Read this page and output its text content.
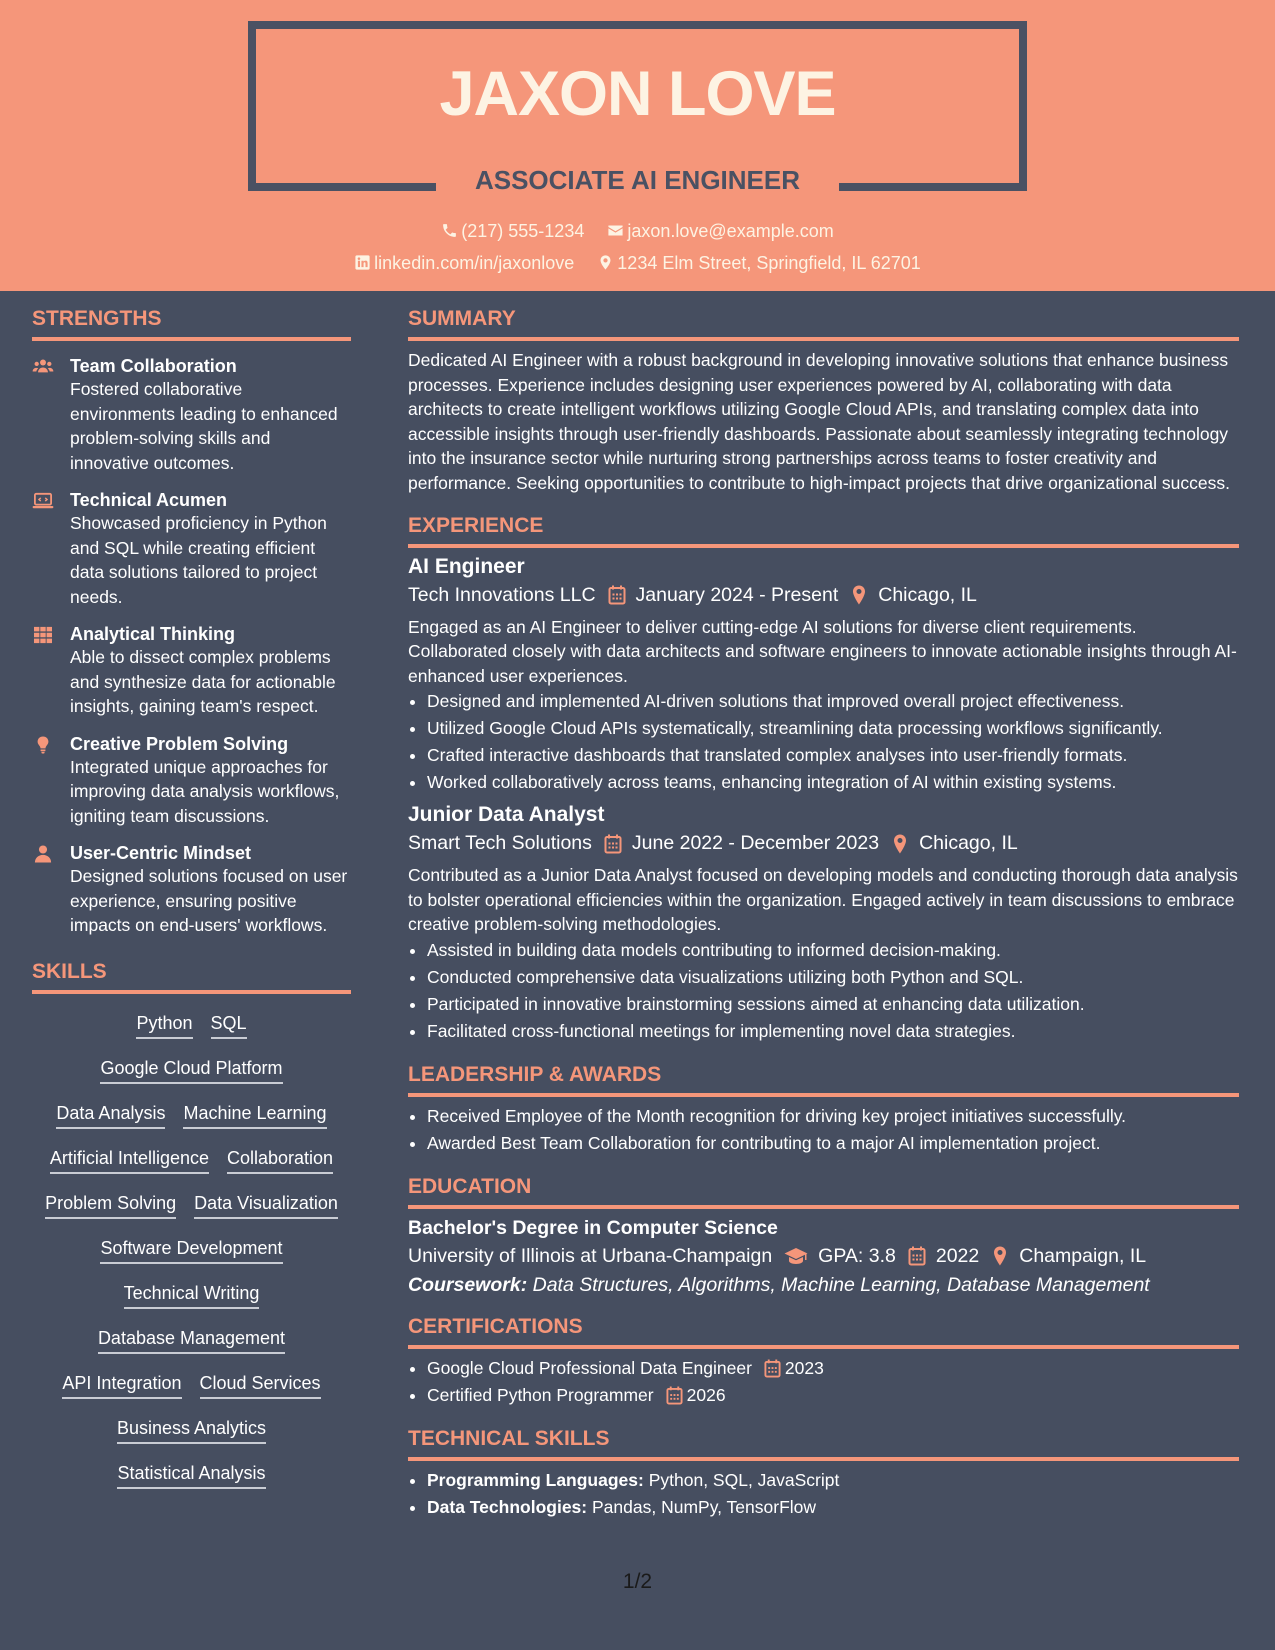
JAXON LOVE
ASSOCIATE AI ENGINEER
(217) 555-1234 jaxon.love@example.com
linkedin.com/in/jaxonlove 1234 Elm Street, Springfield, IL 62701
STRENGTHS
Team Collaboration
Fostered collaborative environments leading to enhanced problem-solving skills and innovative outcomes.
Technical Acumen
Showcased proficiency in Python and SQL while creating efficient data solutions tailored to project needs.
Analytical Thinking
Able to dissect complex problems and synthesize data for actionable insights, gaining team's respect.
Creative Problem Solving
Integrated unique approaches for improving data analysis workflows, igniting team discussions.
User-Centric Mindset
Designed solutions focused on user experience, ensuring positive impacts on end-users' workflows.
SKILLS
Python SQL
Google Cloud Platform
Data Analysis Machine Learning
Artificial Intelligence Collaboration
Problem Solving Data Visualization
Software Development
Technical Writing
Database Management
API Integration Cloud Services
Business Analytics
Statistical Analysis
SUMMARY
Dedicated AI Engineer with a robust background in developing innovative solutions that enhance business processes. Experience includes designing user experiences powered by AI, collaborating with data architects to create intelligent workflows utilizing Google Cloud APIs, and translating complex data into accessible insights through user-friendly dashboards. Passionate about seamlessly integrating technology into the insurance sector while nurturing strong partnerships across teams to foster creativity and performance. Seeking opportunities to contribute to high-impact projects that drive organizational success.
EXPERIENCE
AI Engineer
Tech Innovations LLC January 2024 - Present Chicago, IL
Engaged as an AI Engineer to deliver cutting-edge AI solutions for diverse client requirements. Collaborated closely with data architects and software engineers to innovate actionable insights through AI-enhanced user experiences.
• Designed and implemented AI-driven solutions that improved overall project effectiveness.
• Utilized Google Cloud APIs systematically, streamlining data processing workflows significantly.
• Crafted interactive dashboards that translated complex analyses into user-friendly formats.
• Worked collaboratively across teams, enhancing integration of AI within existing systems.
Junior Data Analyst
Smart Tech Solutions June 2022 - December 2023 Chicago, IL
Contributed as a Junior Data Analyst focused on developing models and conducting thorough data analysis to bolster operational efficiencies within the organization. Engaged actively in team discussions to embrace creative problem-solving methodologies.
• Assisted in building data models contributing to informed decision-making.
• Conducted comprehensive data visualizations utilizing both Python and SQL.
• Participated in innovative brainstorming sessions aimed at enhancing data utilization.
• Facilitated cross-functional meetings for implementing novel data strategies.
LEADERSHIP & AWARDS
• Received Employee of the Month recognition for driving key project initiatives successfully.
• Awarded Best Team Collaboration for contributing to a major AI implementation project.
EDUCATION
Bachelor's Degree in Computer Science
University of Illinois at Urbana-Champaign GPA: 3.8 2022 Champaign, IL
Coursework: Data Structures, Algorithms, Machine Learning, Database Management
CERTIFICATIONS
• Google Cloud Professional Data Engineer 2023
• Certified Python Programmer 2026
TECHNICAL SKILLS
• Programming Languages: Python, SQL, JavaScript
• Data Technologies: Pandas, NumPy, TensorFlow
1/2
